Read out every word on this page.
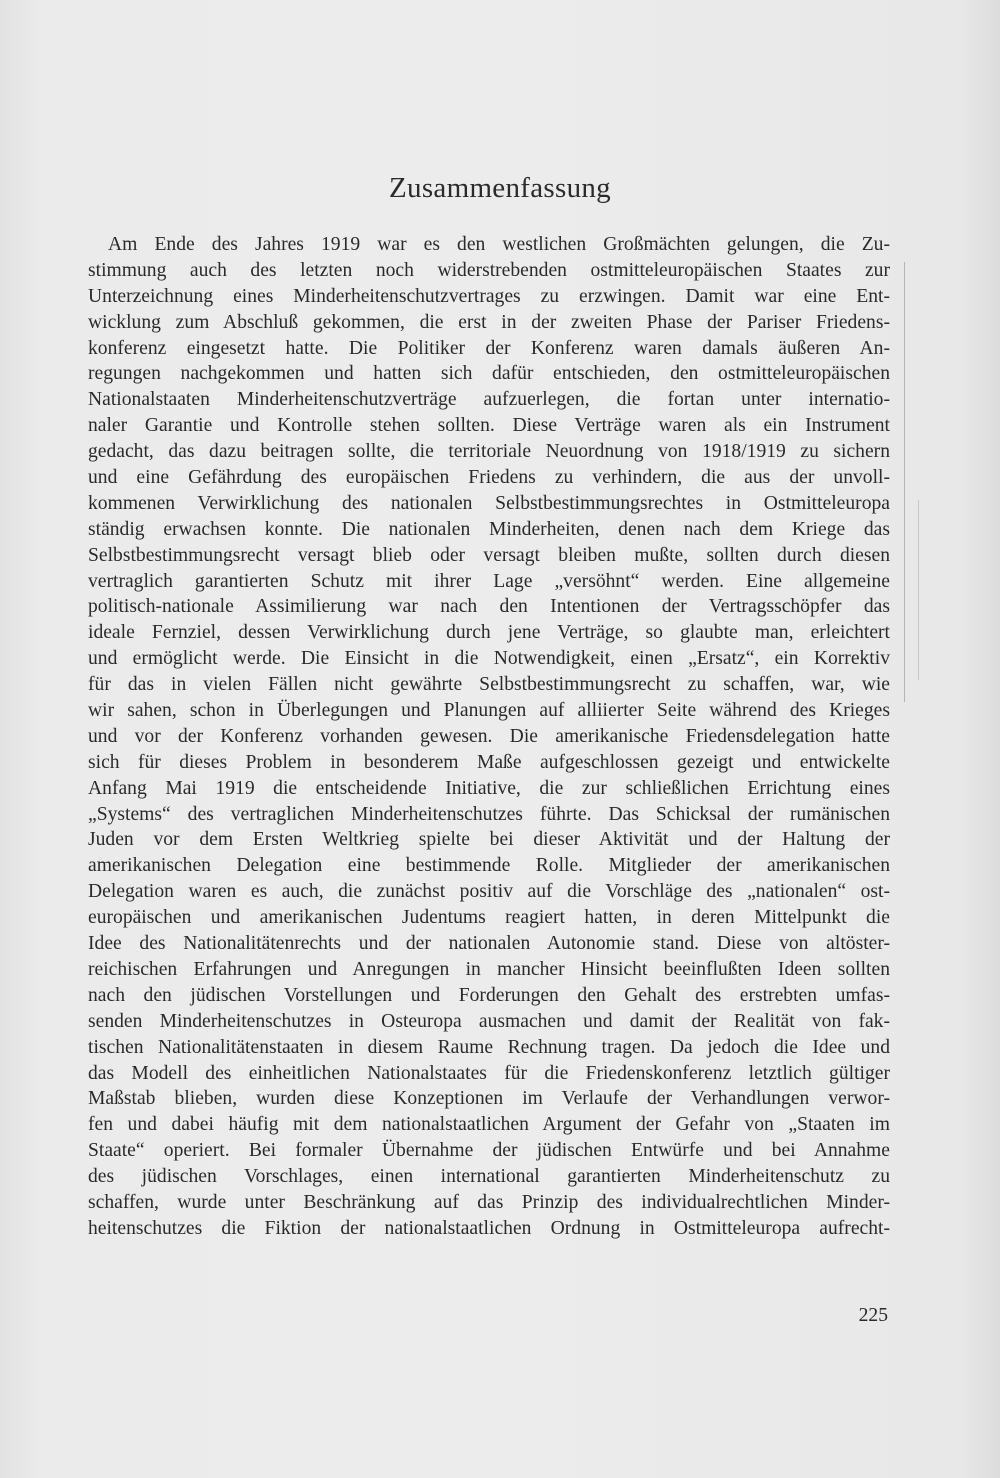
Zusammenfassung
Am Ende des Jahres 1919 war es den westlichen Großmächten gelungen, die Zu-
stimmung auch des letzten noch widerstrebenden ostmitteleuropäischen Staates zur
Unterzeichnung eines Minderheitenschutzvertrages zu erzwingen. Damit war eine Ent-
wicklung zum Abschluß gekommen, die erst in der zweiten Phase der Pariser Friedens-
konferenz eingesetzt hatte. Die Politiker der Konferenz waren damals äußeren An-
regungen nachgekommen und hatten sich dafür entschieden, den ostmitteleuropäischen
Nationalstaaten Minderheitenschutzverträge aufzuerlegen, die fortan unter internatio-
naler Garantie und Kontrolle stehen sollten. Diese Verträge waren als ein Instrument
gedacht, das dazu beitragen sollte, die territoriale Neuordnung von 1918/1919 zu sichern
und eine Gefährdung des europäischen Friedens zu verhindern, die aus der unvoll-
kommenen Verwirklichung des nationalen Selbstbestimmungsrechtes in Ostmitteleuropa
ständig erwachsen konnte. Die nationalen Minderheiten, denen nach dem Kriege das
Selbstbestimmungsrecht versagt blieb oder versagt bleiben mußte, sollten durch diesen
vertraglich garantierten Schutz mit ihrer Lage „versöhnt“ werden. Eine allgemeine
politisch-nationale Assimilierung war nach den Intentionen der Vertragsschöpfer das
ideale Fernziel, dessen Verwirklichung durch jene Verträge, so glaubte man, erleichtert
und ermöglicht werde. Die Einsicht in die Notwendigkeit, einen „Ersatz“, ein Korrektiv
für das in vielen Fällen nicht gewährte Selbstbestimmungsrecht zu schaffen, war, wie
wir sahen, schon in Überlegungen und Planungen auf alliierter Seite während des Krieges
und vor der Konferenz vorhanden gewesen. Die amerikanische Friedensdelegation hatte
sich für dieses Problem in besonderem Maße aufgeschlossen gezeigt und entwickelte
Anfang Mai 1919 die entscheidende Initiative, die zur schließlichen Errichtung eines
„Systems“ des vertraglichen Minderheitenschutzes führte. Das Schicksal der rumänischen
Juden vor dem Ersten Weltkrieg spielte bei dieser Aktivität und der Haltung der
amerikanischen Delegation eine bestimmende Rolle. Mitglieder der amerikanischen
Delegation waren es auch, die zunächst positiv auf die Vorschläge des „nationalen“ ost-
europäischen und amerikanischen Judentums reagiert hatten, in deren Mittelpunkt die
Idee des Nationalitätenrechts und der nationalen Autonomie stand. Diese von altöster-
reichischen Erfahrungen und Anregungen in mancher Hinsicht beeinflußten Ideen sollten
nach den jüdischen Vorstellungen und Forderungen den Gehalt des erstrebten umfas-
senden Minderheitenschutzes in Osteuropa ausmachen und damit der Realität von fak-
tischen Nationalitätenstaaten in diesem Raume Rechnung tragen. Da jedoch die Idee und
das Modell des einheitlichen Nationalstaates für die Friedenskonferenz letztlich gültiger
Maßstab blieben, wurden diese Konzeptionen im Verlaufe der Verhandlungen verwor-
fen und dabei häufig mit dem nationalstaatlichen Argument der Gefahr von „Staaten im
Staate“ operiert. Bei formaler Übernahme der jüdischen Entwürfe und bei Annahme
des jüdischen Vorschlages, einen international garantierten Minderheitenschutz zu
schaffen, wurde unter Beschränkung auf das Prinzip des individualrechtlichen Minder-
heitenschutzes die Fiktion der nationalstaatlichen Ordnung in Ostmitteleuropa aufrecht-
225
